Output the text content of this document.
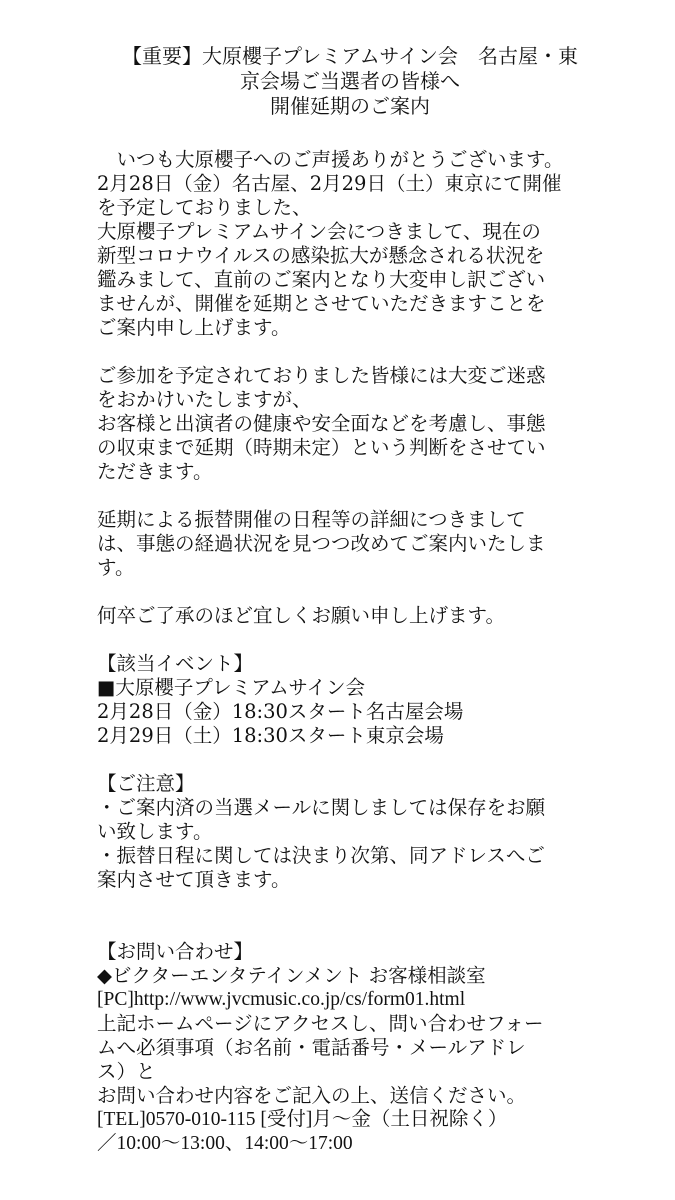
【重要】大原櫻子プレミアムサイン会　名古屋・東
京会場ご当選者の皆様へ
開催延期のご案内
　いつも大原櫻子へのご声援ありがとうございます。
2月28日（金）名古屋、2月29日（土）東京にて開催
を予定しておりました、
大原櫻子プレミアムサイン会につきまして、現在の
新型コロナウイルスの感染拡大が懸念される状況を
鑑みまして、直前のご案内となり大変申し訳ござい
ませんが、開催を延期とさせていただきますことを
ご案内申し上げます。
ご参加を予定されておりました皆様には大変ご迷惑
をおかけいたしますが、
お客様と出演者の健康や安全面などを考慮し、事態
の収束まで延期（時期未定）という判断をさせてい
ただきます。
延期による振替開催の日程等の詳細につきまして
は、事態の経過状況を見つつ改めてご案内いたしま
す。
何卒ご了承のほど宜しくお願い申し上げます。
【該当イベント】
■大原櫻子プレミアムサイン会
2月28日（金）18:30スタート名古屋会場
2月29日（土）18:30スタート東京会場
【ご注意】
・ご案内済の当選メールに関しましては保存をお願
い致します。
・振替日程に関しては決まり次第、同アドレスへご
案内させて頂きます。
【お問い合わせ】
◆ビクターエンタテインメント お客様相談室
[PC]http://www.jvcmusic.co.jp/cs/form01.html
上記ホームページにアクセスし、問い合わせフォー
ムへ必須事項（お名前・電話番号・メールアドレ
ス）と
お問い合わせ内容をご記入の上、送信ください。
[TEL]0570-010-115 [受付]月～金（土日祝除く）
／10:00～13:00、14:00～17:00
